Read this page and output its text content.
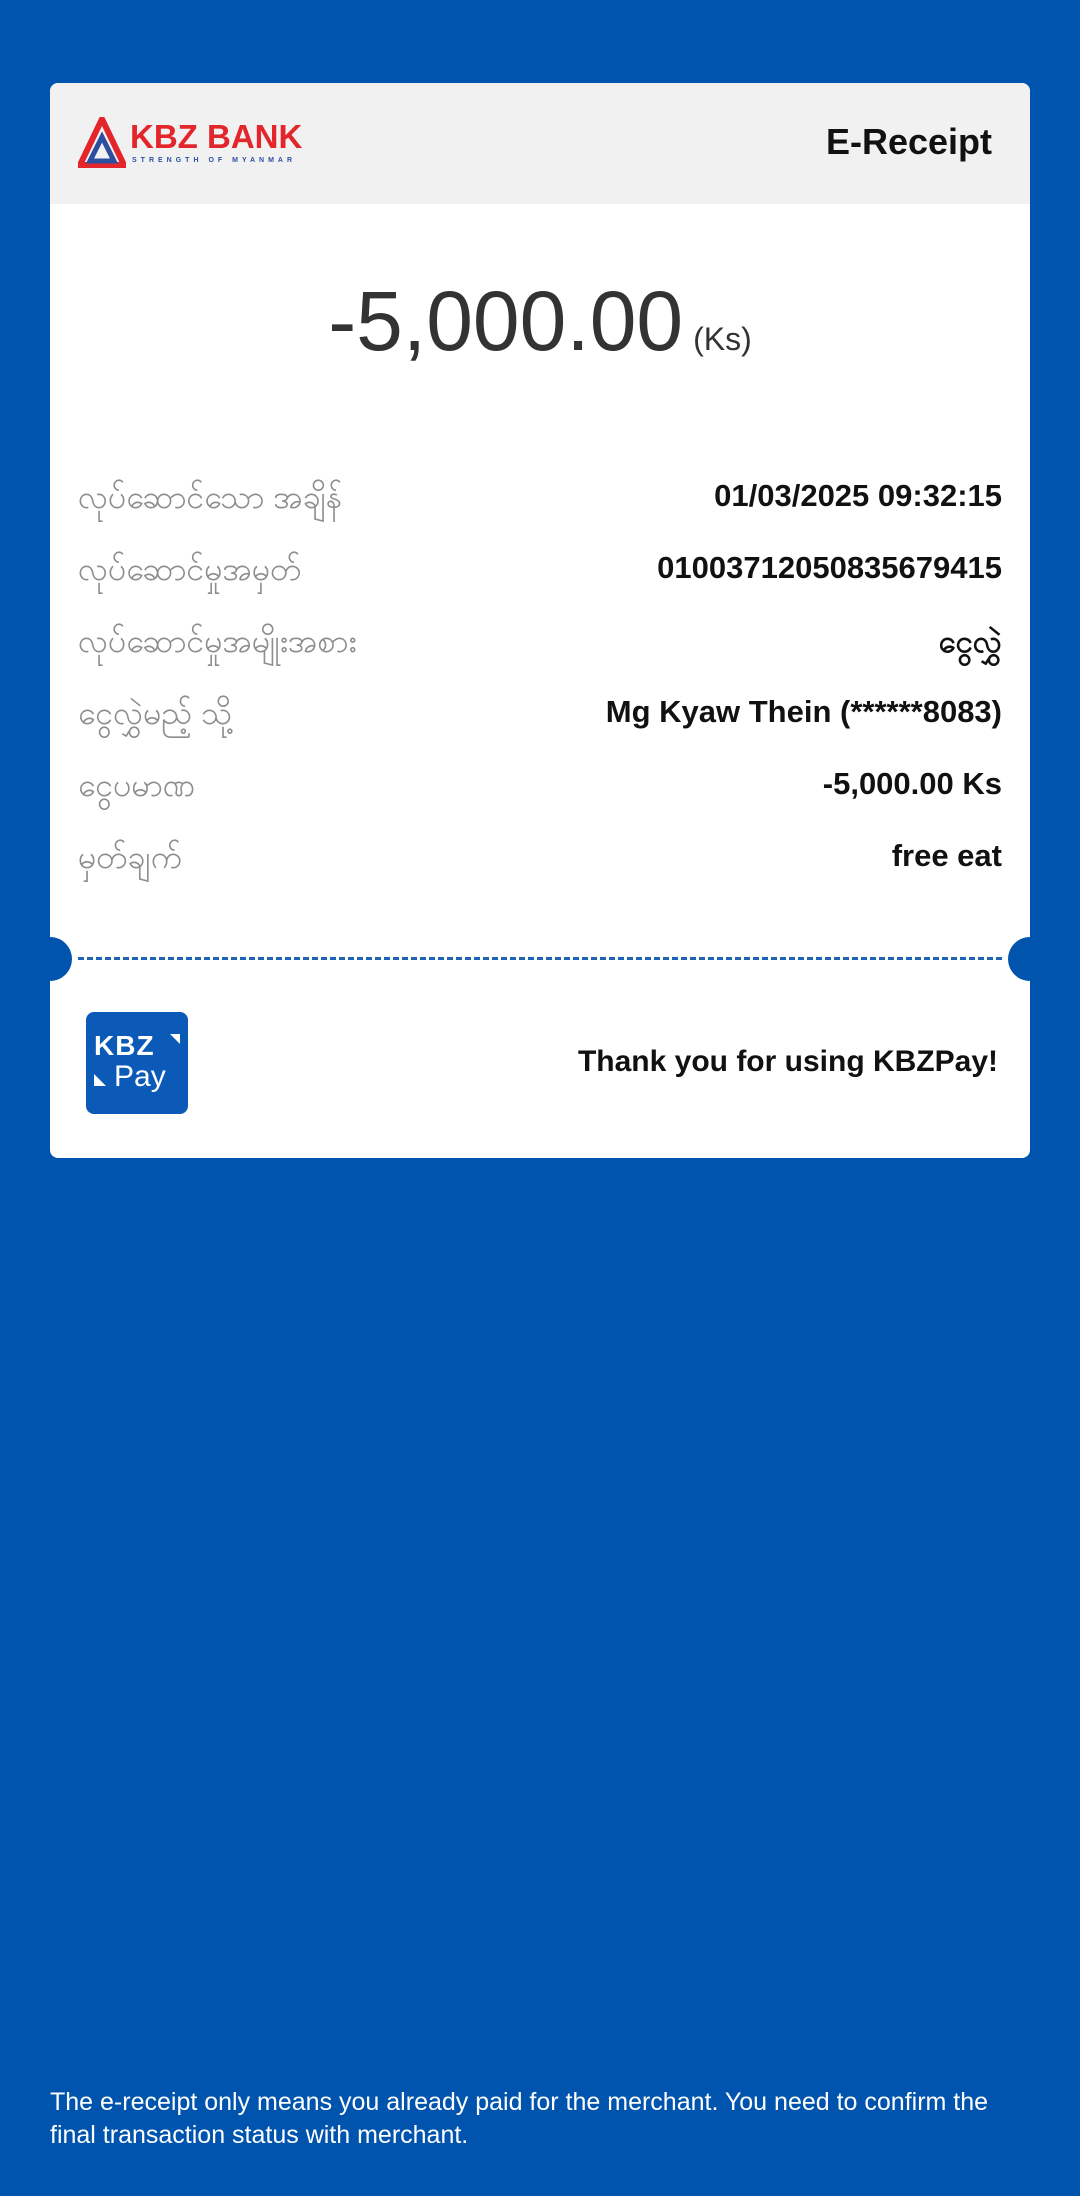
KBZ BANK
STRENGTH OF MYANMAR	E-Receipt
-5,000.00 (Ks)
လုပ်ဆောင်သော အချိန်	01/03/2025 09:32:15
လုပ်ဆောင်မှုအမှတ်	01003712050835679415
လုပ်ဆောင်မှုအမျိုးအစား	ငွေလွှဲ
ငွေလွှဲမည့် သို့	Mg Kyaw Thein (******8083)
ငွေပမာဏ	-5,000.00 Ks
မှတ်ချက်	free eat
KBZ
Pay	Thank you for using KBZPay!
The e-receipt only means you already paid for the merchant. You need to confirm the final transaction status with merchant.
